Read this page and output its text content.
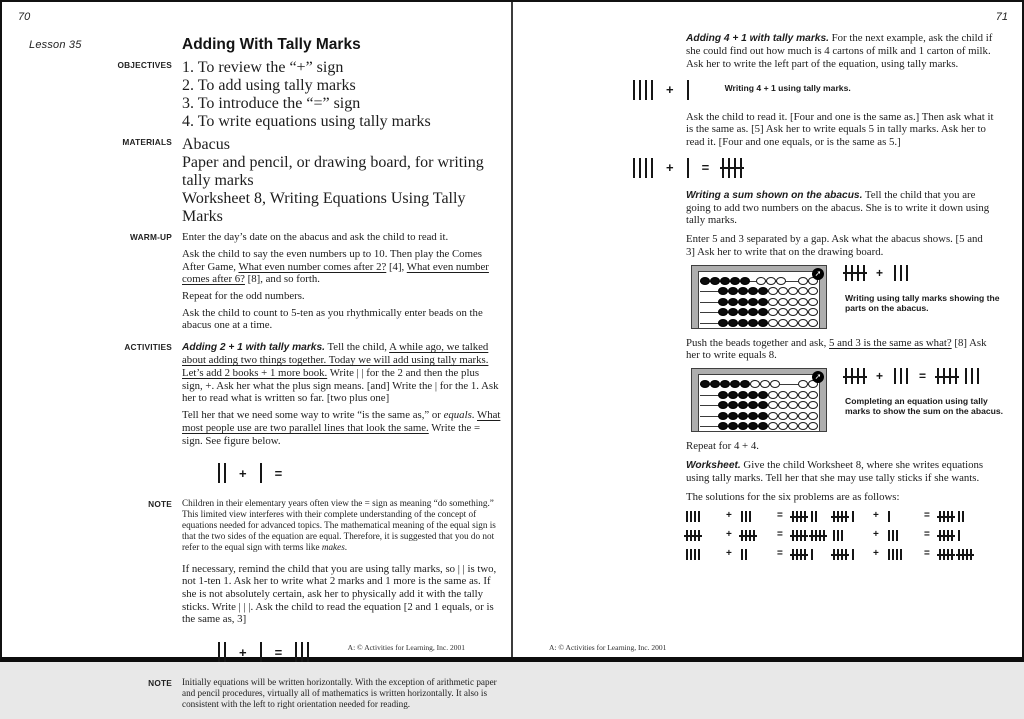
70
Lesson 35	Adding With Tally Marks
OBJECTIVES 1. To review the “+” sign
2. To add using tally marks
3. To introduce the “=” sign
4. To write equations using tally marks
MATERIALS Abacus
Paper and pencil, or drawing board, for writing tally marks
Worksheet 8, Writing Equations Using Tally Marks
WARM-UP Enter the day’s date on the abacus and ask the child to read it.

Ask the child to say the even numbers up to 10. Then play the Comes After Game, What even number comes after 2? [4], What even number comes after 6? [8], and so forth.

Repeat for the odd numbers.

Ask the child to count to 5-ten as you rhythmically enter beads on the abacus one at a time.

ACTIVITIES Adding 2 + 1 with tally marks. Tell the child, A while ago, we talked about adding two things together. Today we will add using tally marks. Let’s add 2 books + 1 more book. Write | | for the 2 and then the plus sign, +. Ask her what the plus sign means. [and] Write the | for the 1. Ask her to read what is written so far. [two plus one]

Tell her that we need some way to write “is the same as,” or equals. What most people use are two parallel lines that look the same. Write the = sign. See figure below.

+ =
NOTE Children in their elementary years often view the = sign as meaning “do something.” This limited view interferes with their complete understanding of the concept of equations needed for advanced topics. The mathematical meaning of the equal sign is that the two sides of the equation are equal. Therefore, it is suggested that you do not refer to the equal sign with terms like makes.

If necessary, remind the child that you are using tally marks, so | | is two, not 1-ten 1. Ask her to write what 2 marks and 1 more is the same as. If she is not absolutely certain, ask her to physically add it with the tally sticks. Write | | |. Ask the child to read the equation [2 and 1 equals, or is the same as, 3]

+ =
NOTE Initially equations will be written horizontally. With the exception of arithmetic paper and pencil procedures, virtually all of mathematics is written horizontally. It also is consistent with the left to right orientation needed for reading.

A: © Activities for Learning, Inc. 2001
71

Adding 4 + 1 with tally marks. For the next example, ask the child if she could find out how much is 4 cartons of milk and 1 carton of milk. Ask her to write the left part of the equation, using tally marks.

+	Writing 4 + 1 using tally marks.

Ask the child to read it. [Four and one is the same as.] Then ask what it is the same as. [5] Ask her to write equals 5 in tally marks. Ask her to read it. [Four and one equals, or is the same as 5.]

+ =

Writing a sum shown on the abacus. Tell the child that you are going to add two numbers on the abacus. She is to write it down using tally marks.

Enter 5 and 3 separated by a gap. Ask what the abacus shows. [5 and 3] Ask her to write that on the drawing board.

➚	+
Writing using tally marks showing the parts on the abacus.

Push the beads together and ask, 5 and 3 is the same as what? [8] Ask her to write equals 8.

➚	+	=
Completing an equation using tally marks to show the sum on the abacus.

Repeat for 4 + 4.

Worksheet. Give the child Worksheet 8, where she writes equations using tally marks. Tell her that she may use tally sticks if she wants.

The solutions for the six problems are as follows:

+	=
+	=
+	=
+	=
+	=
+	=
A: © Activities for Learning, Inc. 2001
